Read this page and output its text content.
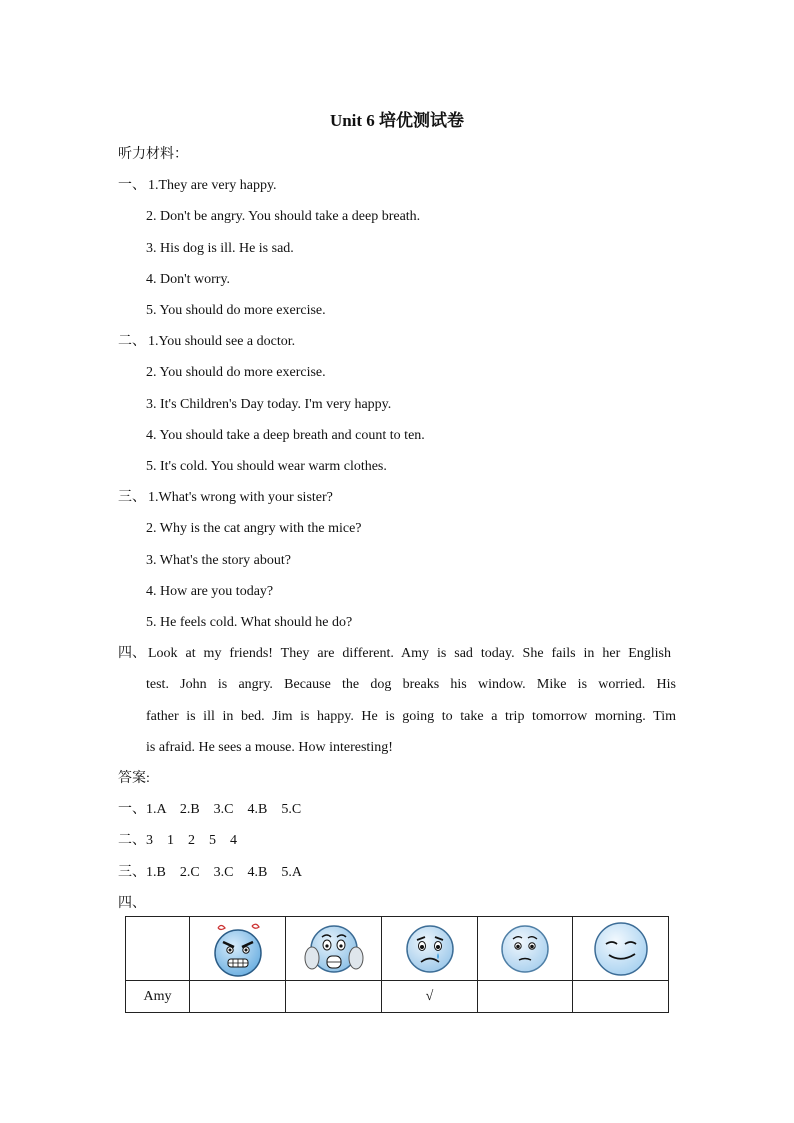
Unit 6 培优测试卷
听力材料：
一、 1.They are very happy.
2. Don't be angry. You should take a deep breath.
3. His dog is ill. He is sad.
4. Don't worry.
5. You should do more exercise.
二、 1.You should see a doctor.
2. You should do more exercise.
3. It's Children's Day today. I'm very happy.
4. You should take a deep breath and count to ten.
5. It's cold. You should wear warm clothes.
三、 1.What's wrong with your sister?
2. Why is the cat angry with the mice?
3. What's the story about?
4. How are you today?
5. He feels cold. What should he do?
四、 Look at my friends! They are different. Amy is sad today. She fails in her English
test. John is angry. Because the dog breaks his window. Mike is worried. His
father is ill in bed. Jim is happy. He is going to take a trip tomorrow morning. Tim
is afraid. He sees a mouse. How interesting!
答案:
一、1.A　2.B　3.C　4.B　5.C
二、3　1　2　5　4
三、1.B　2.C　3.C　4.B　5.A
四、

Amy			√		
